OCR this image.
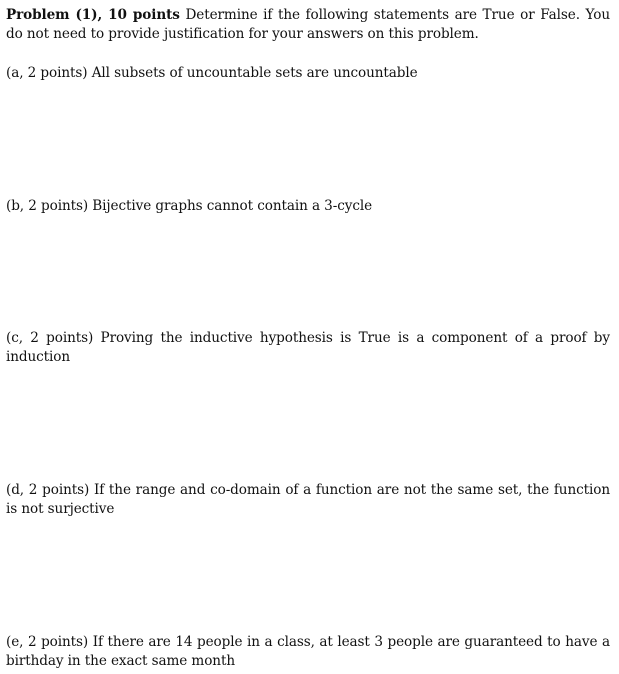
Problem (1), 10 points Determine if the following statements are True or False. You do not need to provide justification for your answers on this problem.
(a, 2 points) All subsets of uncountable sets are uncountable
(b, 2 points) Bijective graphs cannot contain a 3-cycle
(c, 2 points) Proving the inductive hypothesis is True is a component of a proof by induction
(d, 2 points) If the range and co-domain of a function are not the same set, the function is not surjective
(e, 2 points) If there are 14 people in a class, at least 3 people are guaranteed to have a birthday in the exact same month
